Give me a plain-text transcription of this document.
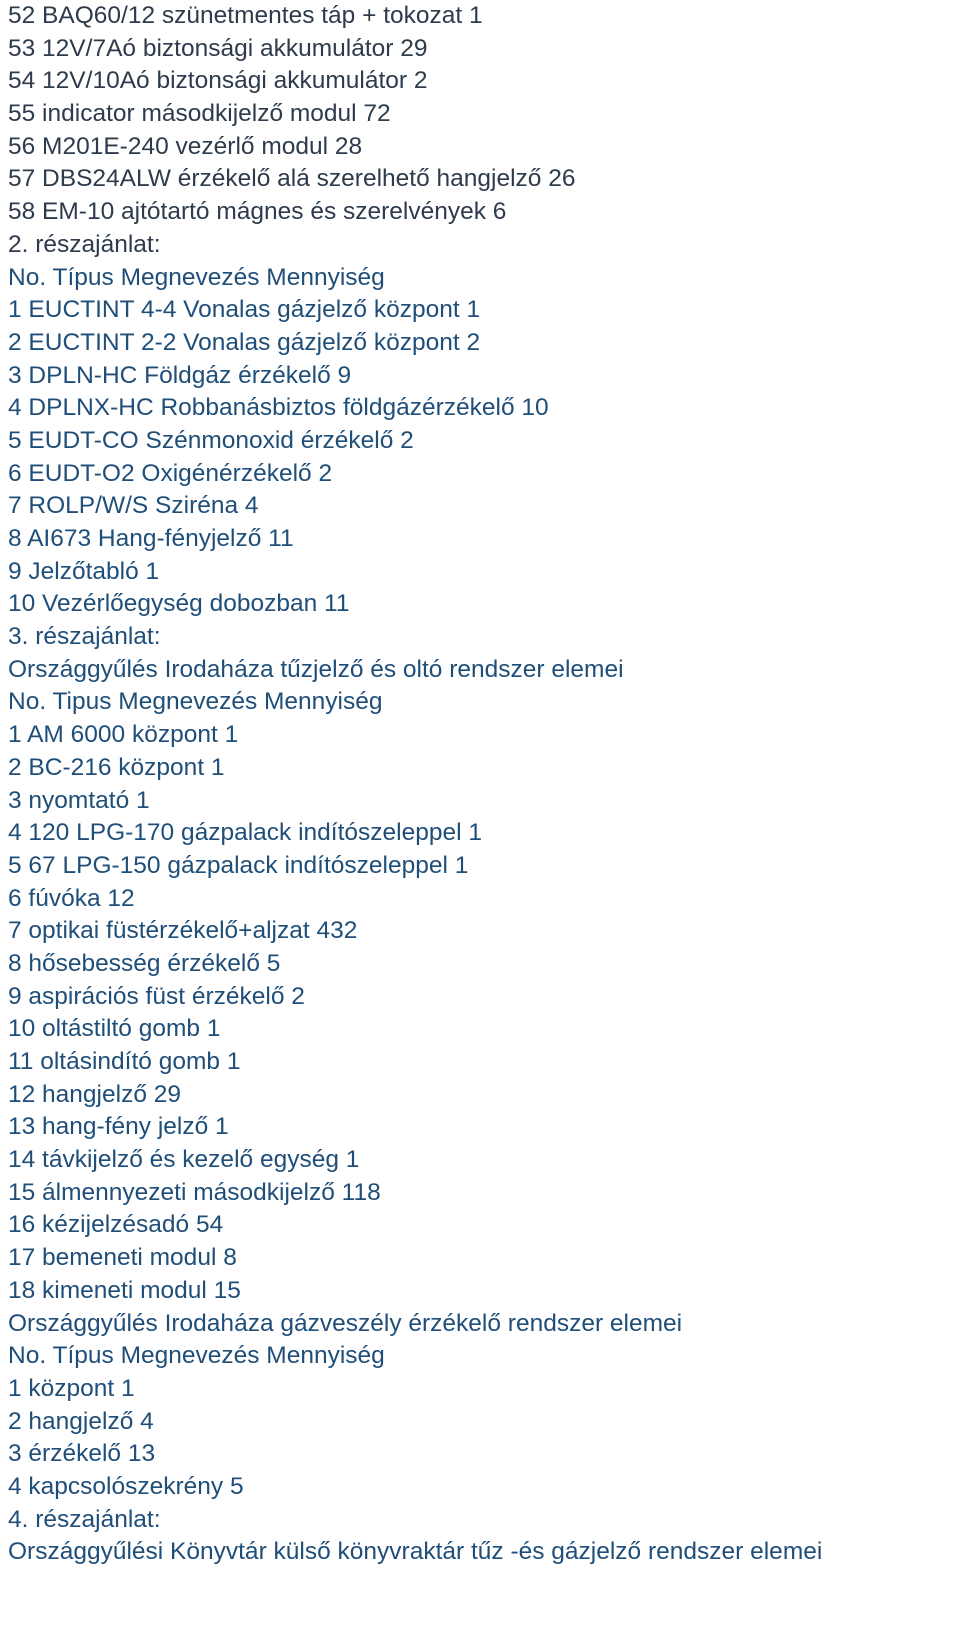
52 BAQ60/12 szünetmentes táp + tokozat 1
53 12V/7Aó biztonsági akkumulátor 29
54 12V/10Aó biztonsági akkumulátor 2
55 indicator másodkijelző modul 72
56 M201E-240 vezérlő modul 28
57 DBS24ALW érzékelő alá szerelhető hangjelző 26
58 EM-10 ajtótartó mágnes és szerelvények 6
2. részajánlat:
No. Típus Megnevezés Mennyiség
1 EUCTINT 4-4 Vonalas gázjelző központ 1
2 EUCTINT 2-2 Vonalas gázjelző központ 2
3 DPLN-HC Földgáz érzékelő 9
4 DPLNX-HC Robbanásbiztos földgázérzékelő 10
5 EUDT-CO Szénmonoxid érzékelő 2
6 EUDT-O2 Oxigénérzékelő 2
7 ROLP/W/S Sziréna 4
8 AI673 Hang-fényjelző 11
9 Jelzőtabló 1
10 Vezérlőegység dobozban 11
3. részajánlat:
Országgyűlés Irodaháza tűzjelző és oltó rendszer elemei
No. Tipus Megnevezés Mennyiség
1 AM 6000 központ 1
2 BC-216 központ 1
3 nyomtató 1
4 120 LPG-170 gázpalack indítószeleppel 1
5 67 LPG-150 gázpalack indítószeleppel 1
6 fúvóka 12
7 optikai füstérzékelő+aljzat 432
8 hősebesség érzékelő 5
9 aspirációs füst érzékelő 2
10 oltástiltó gomb 1
11 oltásindító gomb 1
12 hangjelző 29
13 hang-fény jelző 1
14 távkijelző és kezelő egység 1
15 álmennyezeti másodkijelző 118
16 kézijelzésadó 54
17 bemeneti modul 8
18 kimeneti modul 15
Országgyűlés Irodaháza gázveszély érzékelő rendszer elemei
No. Típus Megnevezés Mennyiség
1 központ 1
2 hangjelző 4
3 érzékelő 13
4 kapcsolószekrény 5
4. részajánlat:
Országgyűlési Könyvtár külső könyvraktár tűz -és gázjelző rendszer elemei
